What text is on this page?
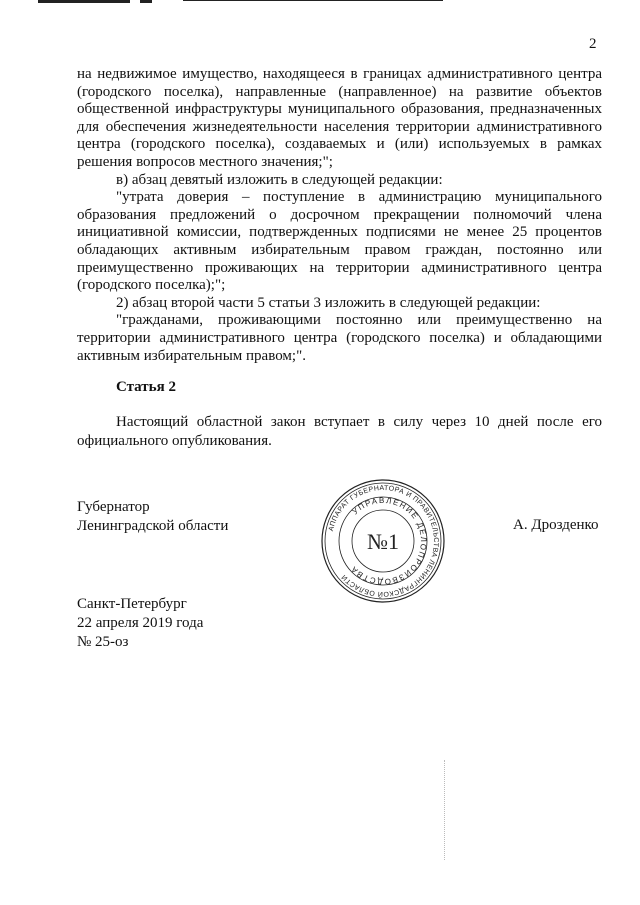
2

на недвижимое имущество, находящееся в границах административного центра (городского поселка), направленные (направленное) на развитие объектов общественной инфраструктуры муниципального образования, предназначенных для обеспечения жизнедеятельности населения территории административного центра (городского поселка), создаваемых и (или) используемых в рамках решения вопросов местного значения;";

в) абзац девятый изложить в следующей редакции:

"утрата доверия – поступление в администрацию муниципального образования предложений о досрочном прекращении полномочий члена инициативной комиссии, подтвержденных подписями не менее 25 процентов обладающих активным избирательным правом граждан, постоянно или преимущественно проживающих на территории административного центра (городского поселка);";

2) абзац второй части 5 статьи 3 изложить в следующей редакции:

"гражданами, проживающими постоянно или преимущественно на территории административного центра (городского поселка) и обладающими активным избирательным правом;".

Статья 2

Настоящий областной закон вступает в силу через 10 дней после его официального опубликования.

Губернатор
Ленинградской области	АППАРАТ ГУБЕРНАТОРА И ПРАВИТЕЛЬСТВА ЛЕНИНГРАДСКОЙ ОБЛАСТИ
УПРАВЛЕНИЕ ДЕЛОПРОИЗВОДСТВА
№1
А. Дрозденко
Санкт-Петербург
22 апреля 2019 года
№ 25-оз
